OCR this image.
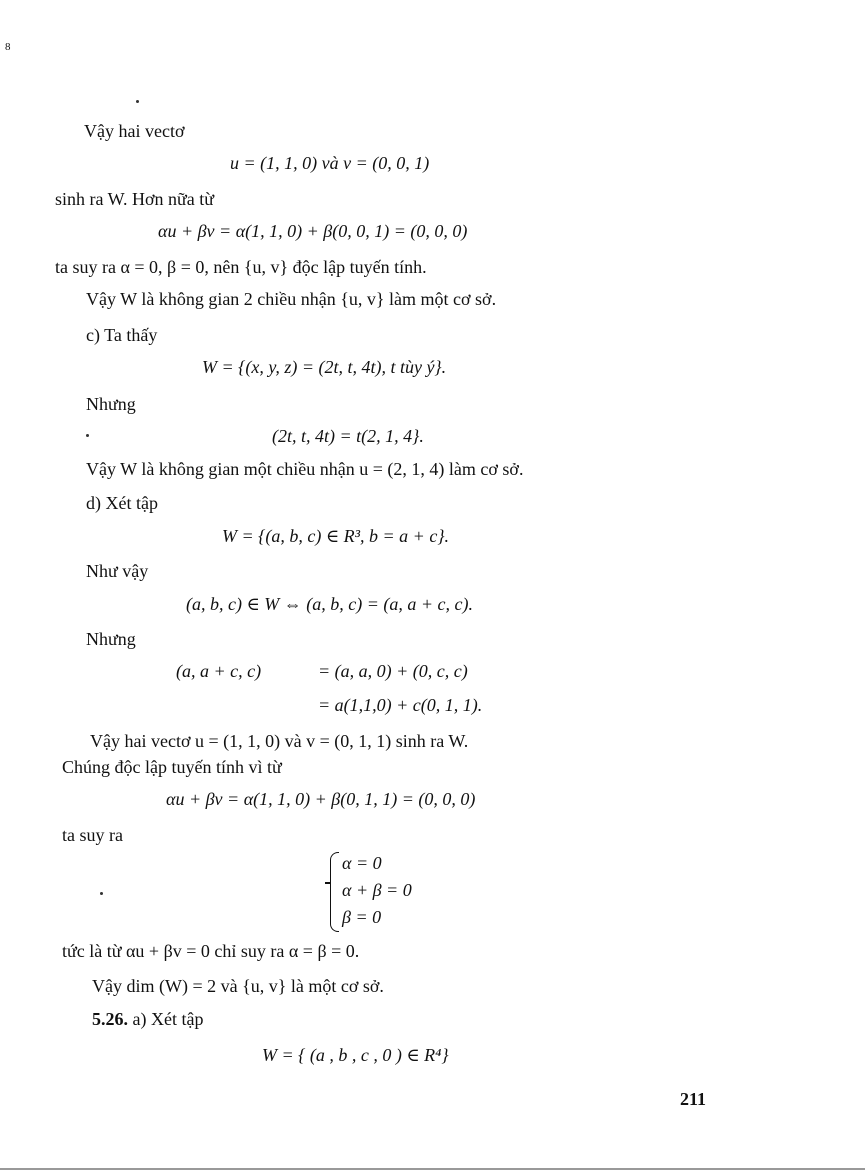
8
Vậy hai vectơ
u = (1, 1, 0) và v = (0, 0, 1)
sinh ra W. Hơn nữa từ
αu + βv = α(1, 1, 0) + β(0, 0, 1) = (0, 0, 0)
ta suy ra α = 0, β = 0, nên {u, v} độc lập tuyến tính.
Vậy W là không gian 2 chiều nhận {u, v} làm một cơ sở.
c) Ta thấy
W = {(x, y, z) = (2t, t, 4t), t tùy ý}.
Nhưng
(2t, t, 4t) = t(2, 1, 4}.
Vậy W là không gian một chiều nhận u = (2, 1, 4) làm cơ sở.
d) Xét tập
W = {(a, b, c) ∈ R³, b = a + c}.
Như vậy
(a, b, c) ∈ W ⇔ (a, b, c) = (a, a + c, c).
Nhưng
(a, a + c, c)	= (a, a, 0) + (0, c, c)
= a(1,1,0) + c(0, 1, 1).
Vậy hai vectơ u = (1, 1, 0) và v = (0, 1, 1) sinh ra W.
Chúng độc lập tuyến tính vì từ
αu + βv = α(1, 1, 0) + β(0, 1, 1) = (0, 0, 0)
ta suy ra
α = 0
α + β = 0
β = 0
tức là từ αu + βv = 0 chỉ suy ra α = β = 0.
Vậy dim (W) = 2 và {u, v} là một cơ sở.
5.26. a) Xét tập
W = { (a , b , c , 0 ) ∈ R⁴}
211
